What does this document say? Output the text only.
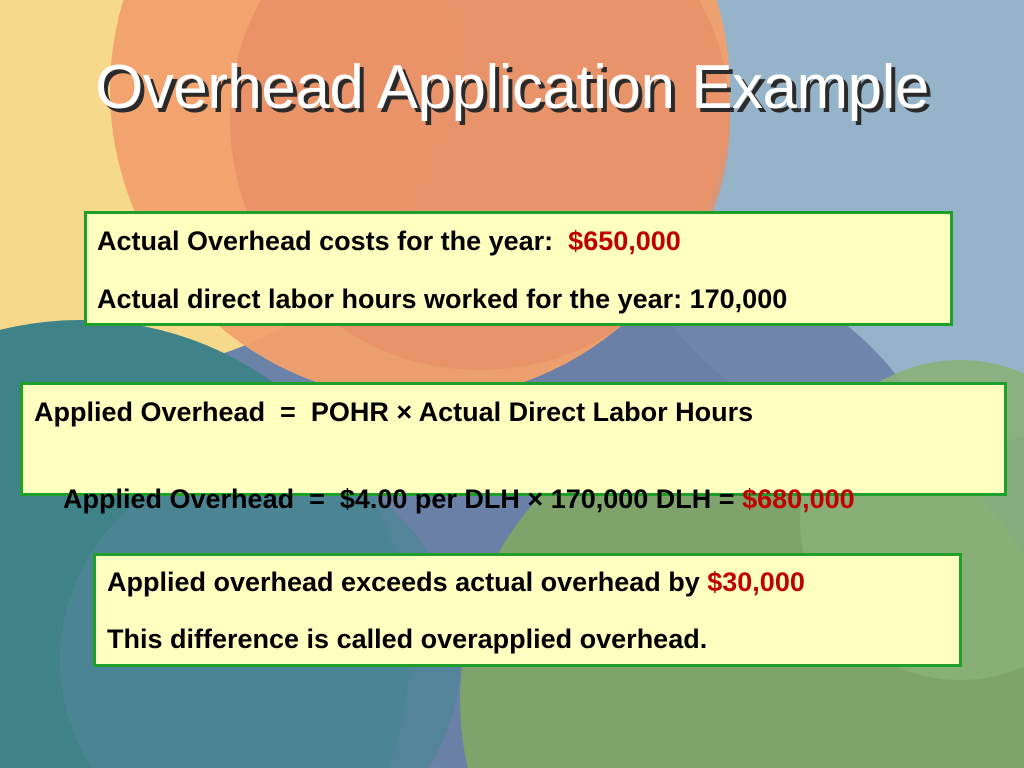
Overhead Application Example
Actual Overhead costs for the year: $650,000
Actual direct labor hours worked for the year: 170,000
Applied Overhead  =  POHR × Actual Direct Labor Hours

Applied Overhead  =  $4.00 per DLH × 170,000 DLH = $680,000

Applied overhead exceeds actual overhead by $30,000
This difference is called overapplied overhead.
